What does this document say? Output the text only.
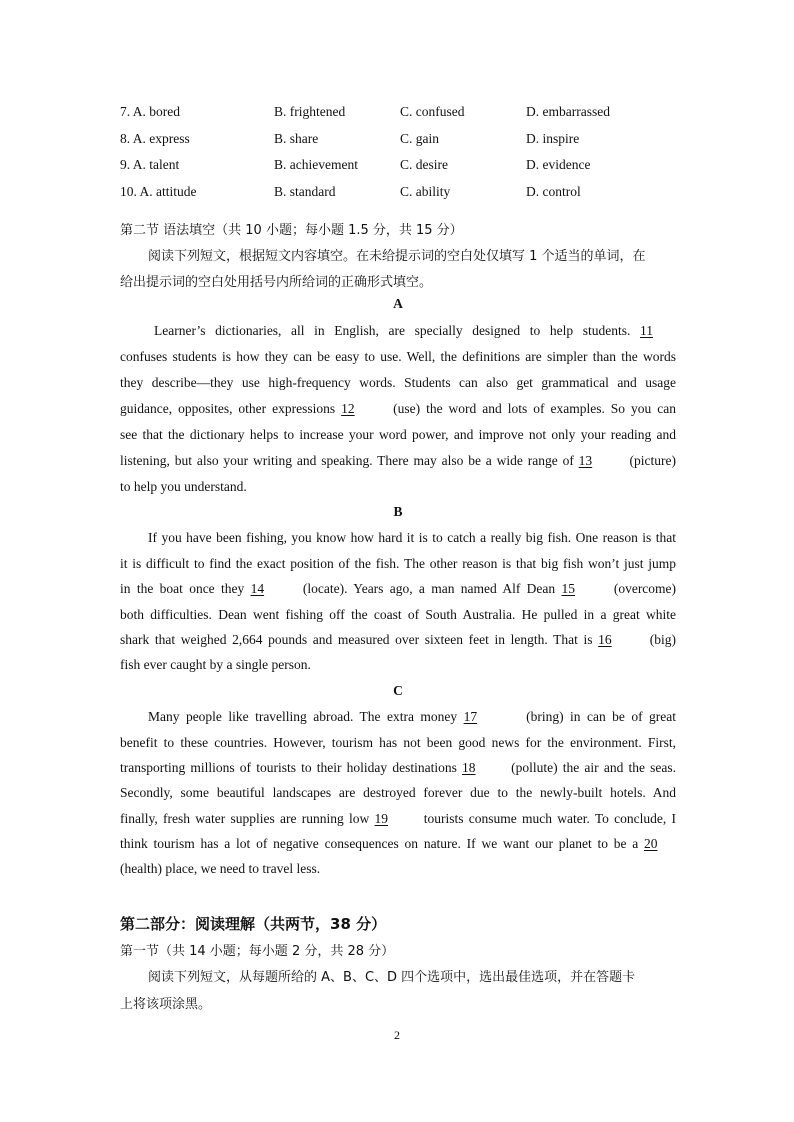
7. A. bored	B. frightened	C. confused	D. embarrassed
8. A. express	B. share	C. gain	D. inspire
9. A. talent	B. achievement	C. desire	D. evidence
10. A. attitude	B. standard	C. ability	D. control
第二节 语法填空（共 10 小题；每小题 1.5 分，共 15 分）
阅读下列短文，根据短文内容填空。在未给提示词的空白处仅填写 1 个适当的单词，在
给出提示词的空白处用括号内所给词的正确形式填空。
A
Learner’s dictionaries, all in English, are specially designed to help students. 11
confuses students is how they can be easy to use. Well, the definitions are simpler than the words
they describe—they use high-frequency words. Students can also get grammatical and usage
guidance, opposites, other expressions 12	(use) the word and lots of examples. So you can
see that the dictionary helps to increase your word power, and improve not only your reading and
listening, but also your writing and speaking. There may also be a wide range of 13	(picture)
to help you understand.
B
If you have been fishing, you know how hard it is to catch a really big fish. One reason is that
it is difficult to find the exact position of the fish. The other reason is that big fish won’t just jump
in the boat once they 14	(locate). Years ago, a man named Alf Dean 15	(overcome)
both difficulties. Dean went fishing off the coast of South Australia. He pulled in a great white
shark that weighed 2,664 pounds and measured over sixteen feet in length. That is 16	(big)
fish ever caught by a single person.
C
Many people like travelling abroad. The extra money 17	(bring) in can be of great
benefit to these countries. However, tourism has not been good news for the environment. First,
transporting millions of tourists to their holiday destinations 18	(pollute) the air and the seas.
Secondly, some beautiful landscapes are destroyed forever due to the newly-built hotels. And
finally, fresh water supplies are running low 19	tourists consume much water. To conclude, I
think tourism has a lot of negative consequences on nature. If we want our planet to be a 20
(health) place, we need to travel less.
第二部分：阅读理解（共两节，38 分）
第一节（共 14 小题；每小题 2 分，共 28 分）
阅读下列短文，从每题所给的 A、B、C、D 四个选项中，选出最佳选项，并在答题卡
上将该项涂黑。
2
